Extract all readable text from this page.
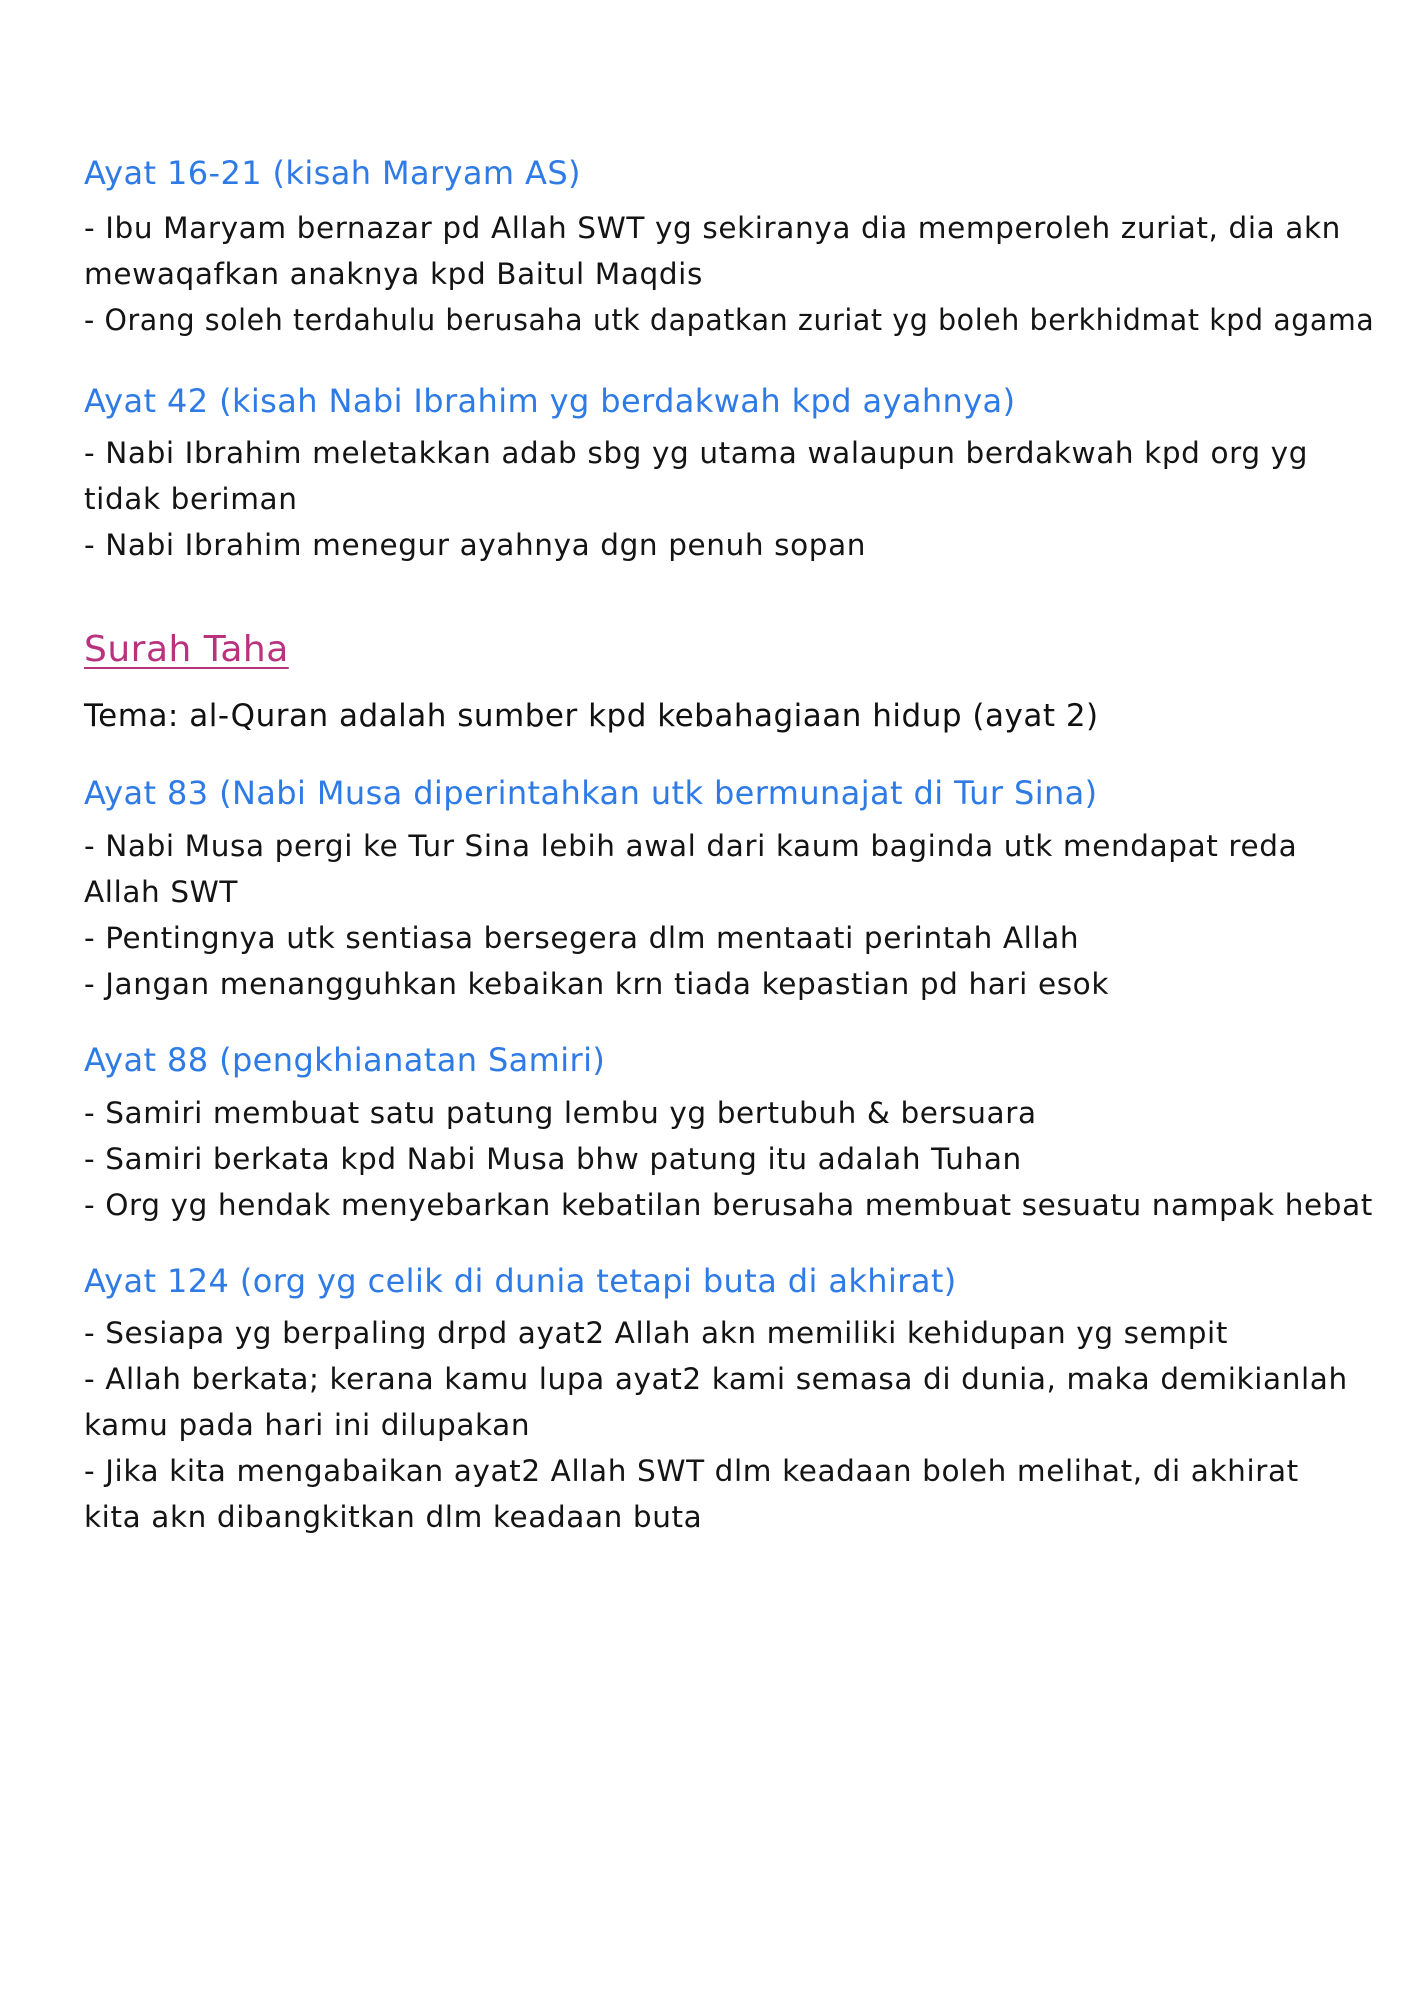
Ayat 16-21 (kisah Maryam AS)
- Ibu Maryam bernazar pd Allah SWT yg sekiranya dia memperoleh zuriat, dia akn
mewaqafkan anaknya kpd Baitul Maqdis
- Orang soleh terdahulu berusaha utk dapatkan zuriat yg boleh berkhidmat kpd agama
Ayat 42 (kisah Nabi Ibrahim yg berdakwah kpd ayahnya)
- Nabi Ibrahim meletakkan adab sbg yg utama walaupun berdakwah kpd org yg
tidak beriman
- Nabi Ibrahim menegur ayahnya dgn penuh sopan
Surah Taha
Tema: al-Quran adalah sumber kpd kebahagiaan hidup (ayat 2)
Ayat 83 (Nabi Musa diperintahkan utk bermunajat di Tur Sina)
- Nabi Musa pergi ke Tur Sina lebih awal dari kaum baginda utk mendapat reda
Allah SWT
- Pentingnya utk sentiasa bersegera dlm mentaati perintah Allah
- Jangan menangguhkan kebaikan krn tiada kepastian pd hari esok
Ayat 88 (pengkhianatan Samiri)
- Samiri membuat satu patung lembu yg bertubuh & bersuara
- Samiri berkata kpd Nabi Musa bhw patung itu adalah Tuhan
- Org yg hendak menyebarkan kebatilan berusaha membuat sesuatu nampak hebat
Ayat 124 (org yg celik di dunia tetapi buta di akhirat)
- Sesiapa yg berpaling drpd ayat2 Allah akn memiliki kehidupan yg sempit
- Allah berkata; kerana kamu lupa ayat2 kami semasa di dunia, maka demikianlah
kamu pada hari ini dilupakan
- Jika kita mengabaikan ayat2 Allah SWT dlm keadaan boleh melihat, di akhirat
kita akn dibangkitkan dlm keadaan buta
